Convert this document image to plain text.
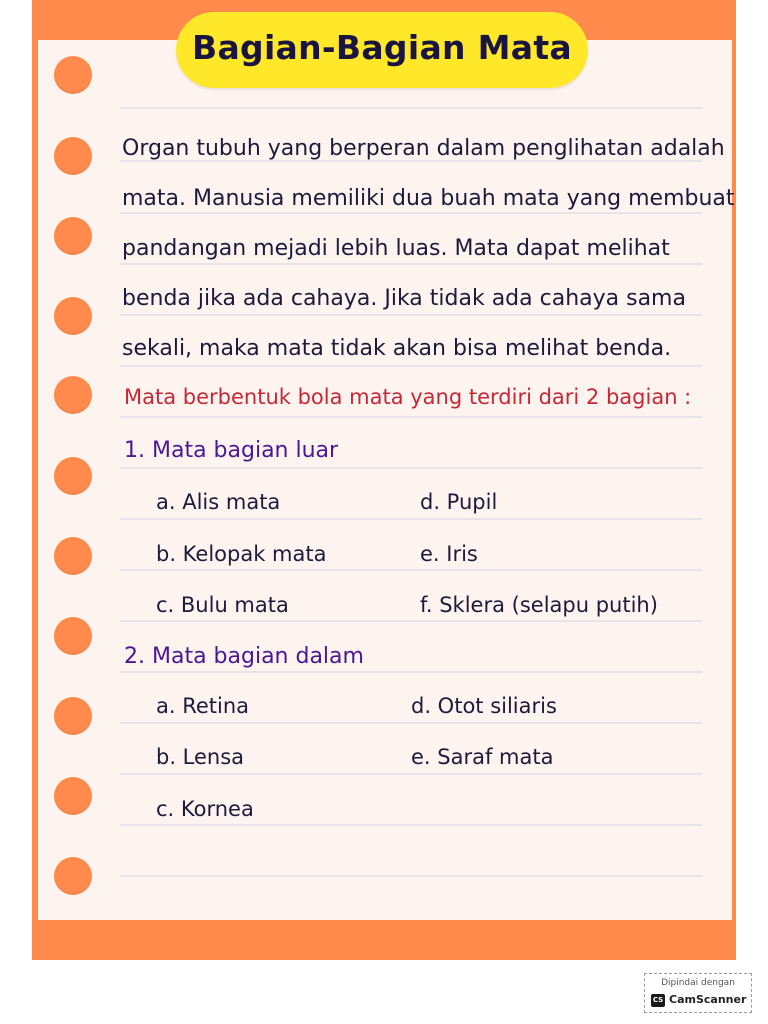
Bagian-Bagian Mata
Organ tubuh yang berperan dalam penglihatan adalah
mata. Manusia memiliki dua buah mata yang membuat
pandangan mejadi lebih luas. Mata dapat melihat
benda jika ada cahaya. Jika tidak ada cahaya sama
sekali, maka mata tidak akan bisa melihat benda.
Mata berbentuk bola mata yang terdiri dari 2 bagian :
1. Mata bagian luar
a. Alis mata
b. Kelopak mata
c. Bulu mata
d. Pupil
e. Iris
f. Sklera (selapu putih)
2. Mata bagian dalam
a. Retina
b. Lensa
c. Kornea
d. Otot siliaris
e. Saraf mata
Dipindai dengan
CS CamScanner
